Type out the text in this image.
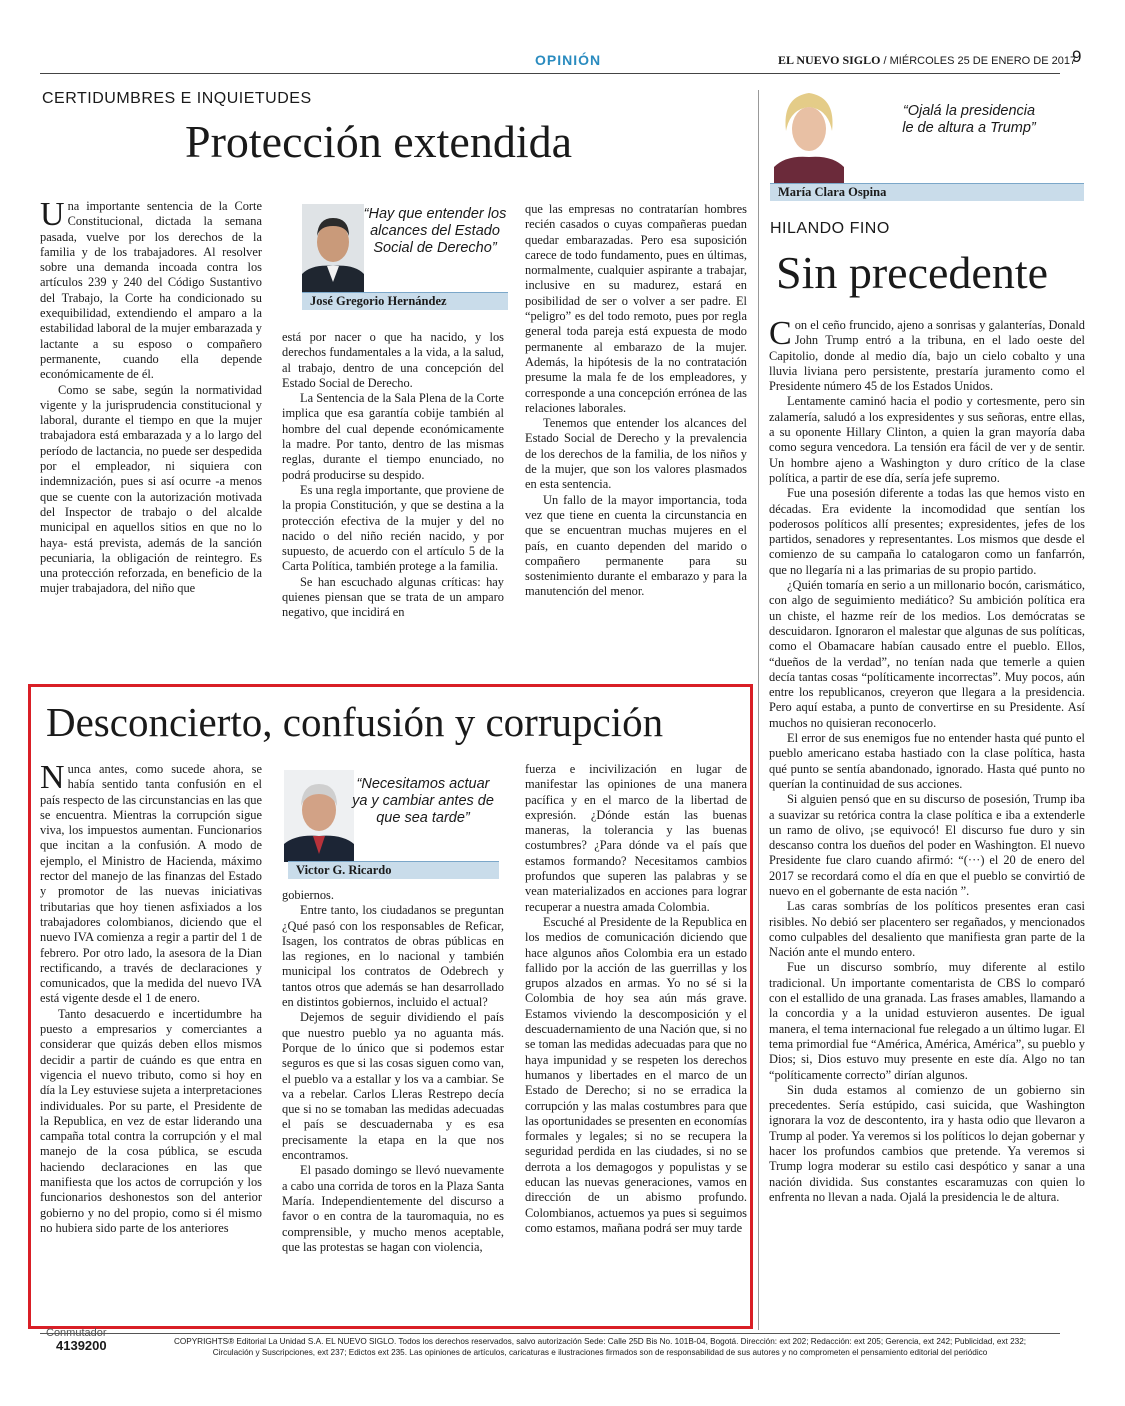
OPINIÓN	EL NUEVO SIGLO / MIÉRCOLES 25 DE ENERO DE 2017
9
CERTIDUMBRES E INQUIETUDES
Protección extendida
“Hay que entender los alcances del Estado Social de Derecho”
José Gregorio Hernández

Una importante sentencia de la Corte Constitucional, dictada la semana pasada, vuelve por los derechos de la familia y de los trabajadores. Al resolver sobre una demanda incoada contra los artículos 239 y 240 del Código Sustantivo del Trabajo, la Corte ha condicionado su exequibilidad, extendiendo el amparo a la estabilidad laboral de la mujer embarazada y lactante a su esposo o compañero permanente, cuando ella depende económicamente de él.

Como se sabe, según la normatividad vigente y la jurisprudencia constitucional y laboral, durante el tiempo en que la mujer trabajadora está embarazada y a lo largo del período de lactancia, no puede ser despedida por el empleador, ni siquiera con indemnización, pues si así ocurre -a menos que se cuente con la autorización motivada del Inspector de trabajo o del alcalde municipal en aquellos sitios en que no lo haya- está prevista, además de la sanción pecuniaria, la obligación de reintegro. Es una protección reforzada, en beneficio de la mujer trabajadora, del niño que

está por nacer o que ha nacido, y los derechos fundamentales a la vida, a la salud, al trabajo, dentro de una concepción del Estado Social de Derecho.

La Sentencia de la Sala Plena de la Corte implica que esa garantía cobije también al hombre del cual depende económicamente la madre. Por tanto, dentro de las mismas reglas, durante el tiempo enunciado, no podrá producirse su despido.

Es una regla importante, que proviene de la propia Constitución, y que se destina a la protección efectiva de la mujer y del no nacido o del niño recién nacido, y por supuesto, de acuerdo con el artículo 5 de la Carta Política, también protege a la familia.

Se han escuchado algunas críticas: hay quienes piensan que se trata de un amparo negativo, que incidirá en

que las empresas no contratarían hombres recién casados o cuyas compañeras puedan quedar embarazadas. Pero esa suposición carece de todo fundamento, pues en últimas, normalmente, cualquier aspirante a trabajar, inclusive en su madurez, estará en posibilidad de ser o volver a ser padre. El “peligro” es del todo remoto, pues por regla general toda pareja está expuesta de modo permanente al embarazo de la mujer. Además, la hipótesis de la no contratación presume la mala fe de los empleadores, y corresponde a una concepción errónea de las relaciones laborales.

Tenemos que entender los alcances del Estado Social de Derecho y la prevalencia de los derechos de la familia, de los niños y de la mujer, que son los valores plasmados en esta sentencia.

Un fallo de la mayor importancia, toda vez que tiene en cuenta la circunstancia en que se encuentran muchas mujeres en el país, en cuanto dependen del marido o compañero permanente para su sostenimiento durante el embarazo y para la manutención del menor.

“Ojalá la presidencia le de altura a Trump”
María Clara Ospina
HILANDO FINO
Sin precedente

Con el ceño fruncido, ajeno a sonrisas y galanterías, Donald John Trump entró a la tribuna, en el lado oeste del Capitolio, donde al medio día, bajo un cielo cobalto y una lluvia liviana pero persistente, prestaría juramento como el Presidente número 45 de los Estados Unidos.

Lentamente caminó hacia el podio y cortesmente, pero sin zalamería, saludó a los expresidentes y sus señoras, entre ellas, a su oponente Hillary Clinton, a quien la gran mayoría daba como segura vencedora. La tensión era fácil de ver y de sentir. Un hombre ajeno a Washington y duro crítico de la clase política, a partir de ese día, sería jefe supremo.

Fue una posesión diferente a todas las que hemos visto en décadas. Era evidente la incomodidad que sentían los poderosos políticos allí presentes; expresidentes, jefes de los partidos, senadores y representantes. Los mismos que desde el comienzo de su campaña lo catalogaron como un fanfarrón, que no llegaría ni a las primarias de su propio partido.

¿Quién tomaría en serio a un millonario bocón, carismático, con algo de seguimiento mediático? Su ambición política era un chiste, el hazme reír de los medios. Los demócratas se descuidaron. Ignoraron el malestar que algunas de sus políticas, como el Obamacare habían causado entre el pueblo. Ellos, “dueños de la verdad”, no tenían nada que temerle a quien decía tantas cosas “políticamente incorrectas”. Muy pocos, aún entre los republicanos, creyeron que llegara a la presidencia. Pero aquí estaba, a punto de convertirse en su Presidente. Así muchos no quisieran reconocerlo.

El error de sus enemigos fue no entender hasta qué punto el pueblo americano estaba hastiado con la clase política, hasta qué punto se sentía abandonado, ignorado. Hasta qué punto no querían la continuidad de sus acciones.

Si alguien pensó que en su discurso de posesión, Trump iba a suavizar su retórica contra la clase política e iba a extenderle un ramo de olivo, ¡se equivocó! El discurso fue duro y sin descanso contra los dueños del poder en Washington. El nuevo Presidente fue claro cuando afirmó: “(···) el 20 de enero del 2017 se recordará como el día en que el pueblo se convirtió de nuevo en el gobernante de esta nación ”.

Las caras sombrías de los políticos presentes eran casi risibles. No debió ser placentero ser regañados, y mencionados como culpables del desaliento que manifiesta gran parte de la Nación ante el mundo entero.

Fue un discurso sombrío, muy diferente al estilo tradicional. Un importante comentarista de CBS lo comparó con el estallido de una granada. Las frases amables, llamando a la concordia y a la unidad estuvieron ausentes. De igual manera, el tema internacional fue relegado a un último lugar. El tema primordial fue “América, América, América”, su pueblo y Dios; si, Dios estuvo muy presente en este día. Algo no tan “políticamente correcto” dirían algunos.

Sin duda estamos al comienzo de un gobierno sin precedentes. Sería estúpido, casi suicida, que Washington ignorara la voz de descontento, ira y hasta odio que llevaron a Trump al poder. Ya veremos si los políticos lo dejan gobernar y hacer los profundos cambios que pretende. Ya veremos si Trump logra moderar su estilo casi despótico y sanar a una nación dividida. Sus constantes escaramuzas con quien lo enfrenta no llevan a nada. Ojalá la presidencia le de altura.

Desconcierto, confusión y corrupción
“Necesitamos actuar ya y cambiar antes de que sea tarde”
Victor G. Ricardo

Nunca antes, como sucede ahora, se había sentido tanta confusión en el país respecto de las circunstancias en las que se encuentra. Mientras la corrupción sigue viva, los impuestos aumentan. Funcionarios que incitan a la confusión. A modo de ejemplo, el Ministro de Hacienda, máximo rector del manejo de las finanzas del Estado y promotor de las nuevas iniciativas tributarias que hoy tienen asfixiados a los trabajadores colombianos, diciendo que el nuevo IVA comienza a regir a partir del 1 de febrero. Por otro lado, la asesora de la Dian rectificando, a través de declaraciones y comunicados, que la medida del nuevo IVA está vigente desde el 1 de enero.

Tanto desacuerdo e incertidumbre ha puesto a empresarios y comerciantes a considerar que quizás deben ellos mismos decidir a partir de cuándo es que entra en vigencia el nuevo tributo, como si hoy en día la Ley estuviese sujeta a interpretaciones individuales. Por su parte, el Presidente de la Republica, en vez de estar liderando una campaña total contra la corrupción y el mal manejo de la cosa pública, se escuda haciendo declaraciones en las que manifiesta que los actos de corrupción y los funcionarios deshonestos son del anterior gobierno y no del propio, como si él mismo no hubiera sido parte de los anteriores

gobiernos.

Entre tanto, los ciudadanos se preguntan ¿Qué pasó con los responsables de Reficar, Isagen, los contratos de obras públicas en las regiones, en lo nacional y también municipal los contratos de Odebrech y tantos otros que además se han desarrollado en distintos gobiernos, incluido el actual?

Dejemos de seguir dividiendo el país que nuestro pueblo ya no aguanta más. Porque de lo único que si podemos estar seguros es que si las cosas siguen como van, el pueblo va a estallar y los va a cambiar. Se va a rebelar. Carlos Lleras Restrepo decía que si no se tomaban las medidas adecuadas el país se descuadernaba y es esa precisamente la etapa en la que nos encontramos.

El pasado domingo se llevó nuevamente a cabo una corrida de toros en la Plaza Santa María. Independientemente del discurso a favor o en contra de la tauromaquia, no es comprensible, y mucho menos aceptable, que las protestas se hagan con violencia,

fuerza e incivilización en lugar de manifestar las opiniones de una manera pacífica y en el marco de la libertad de expresión. ¿Dónde están las buenas maneras, la tolerancia y las buenas costumbres? ¿Para dónde va el país que estamos formando? Necesitamos cambios profundos que superen las palabras y se vean materializados en acciones para lograr recuperar a nuestra amada Colombia.

Escuché al Presidente de la Republica en los medios de comunicación diciendo que hace algunos años Colombia era un estado fallido por la acción de las guerrillas y los grupos alzados en armas. Yo no sé si la Colombia de hoy sea aún más grave. Estamos viviendo la descomposición y el descuadernamiento de una Nación que, si no se toman las medidas adecuadas para que no haya impunidad y se respeten los derechos humanos y libertades en el marco de un Estado de Derecho; si no se erradica la corrupción y las malas costumbres para que las oportunidades se presenten en economías formales y legales; si no se recupera la seguridad perdida en las ciudades, si no se derrota a los demagogos y populistas y se educan las nuevas generaciones, vamos en dirección de un abismo profundo. Colombianos, actuemos ya pues si seguimos como estamos, mañana podrá ser muy tarde

Conmutador
4139200	COPYRIGHTS® Editorial La Unidad S.A. EL NUEVO SIGLO. Todos los derechos reservados, salvo autorización Sede: Calle 25D Bis No. 101B-04, Bogotá. Dirección: ext 202; Redacción: ext 205; Gerencia, ext 242; Publicidad, ext 232;
Circulación y Suscripciones, ext 237; Edictos ext 235. Las opiniones de artículos, caricaturas e ilustraciones firmados son de responsabilidad de sus autores y no comprometen el pensamiento editorial del periódico
